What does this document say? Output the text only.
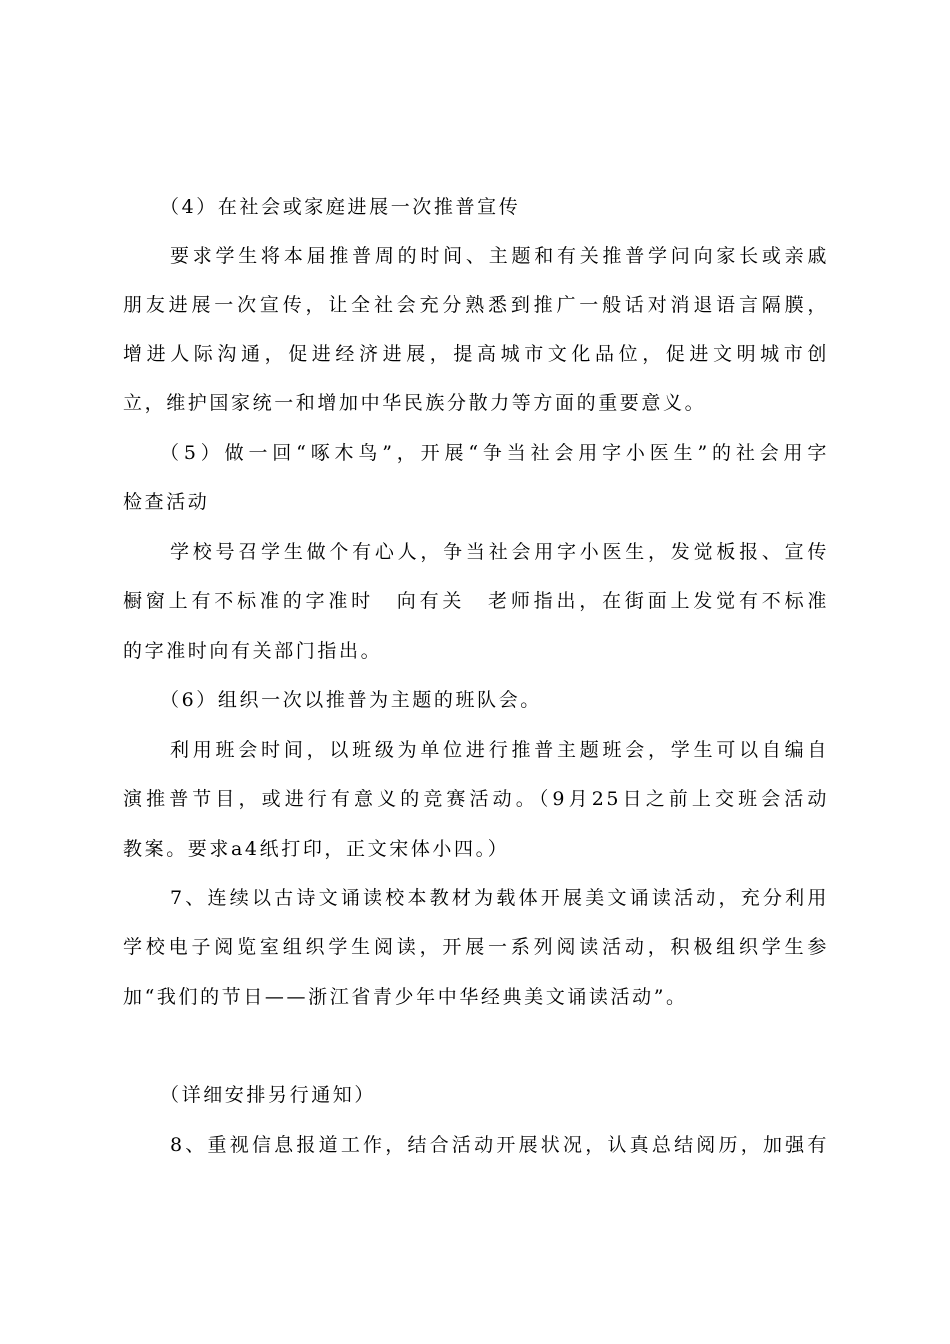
（4）在社会或家庭进展一次推普宣传
要求学生将本届推普周的时间、主题和有关推普学问向家长或亲戚
朋友进展一次宣传，让全社会充分熟悉到推广一般话对消退语言隔膜，
增进人际沟通，促进经济进展，提高城市文化品位，促进文明城市创
立，维护国家统一和增加中华民族分散力等方面的重要意义。
（5）做一回“啄木鸟”，开展“争当社会用字小医生”的社会用字
检查活动
学校号召学生做个有心人，争当社会用字小医生，发觉板报、宣传
橱窗上有不标准的字准时　向有关　老师指出，在街面上发觉有不标准
的字准时向有关部门指出。
（6）组织一次以推普为主题的班队会。
利用班会时间，以班级为单位进行推普主题班会，学生可以自编自
演推普节目，或进行有意义的竞赛活动。（9月25日之前上交班会活动
教案。要求a4纸打印，正文宋体小四。）
7、连续以古诗文诵读校本教材为载体开展美文诵读活动，充分利用
学校电子阅览室组织学生阅读，开展一系列阅读活动，积极组织学生参
加“我们的节日——浙江省青少年中华经典美文诵读活动”。
（详细安排另行通知）
8、重视信息报道工作，结合活动开展状况，认真总结阅历，加强有
